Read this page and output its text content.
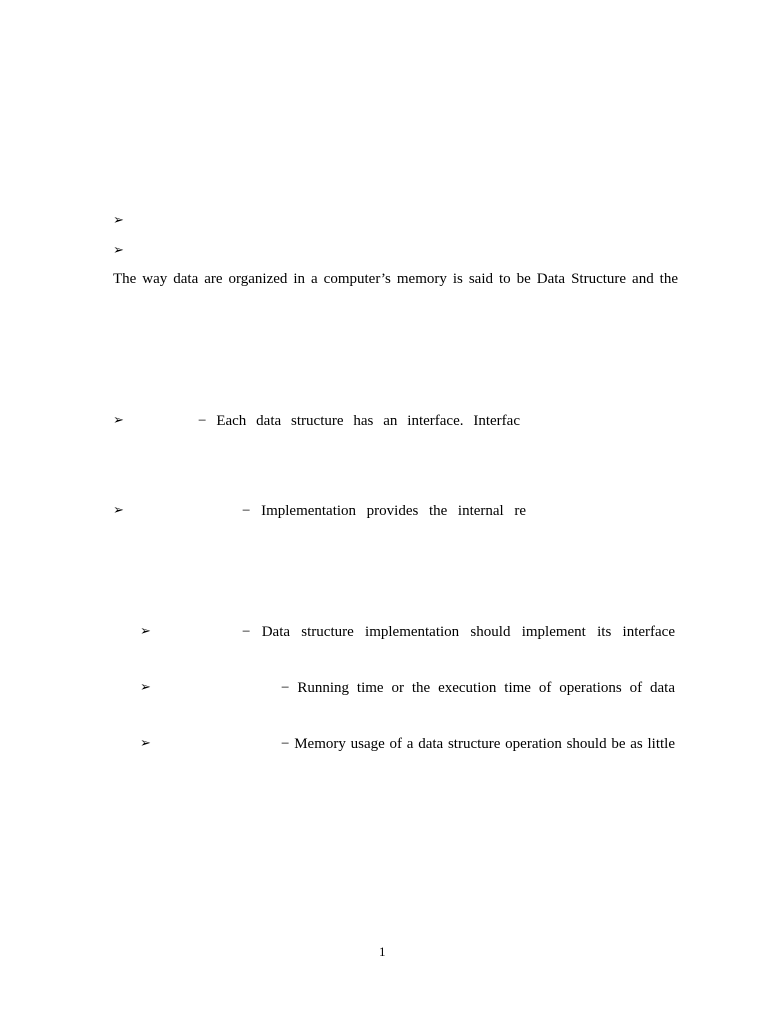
➢
➢
The way data are organized in a computer’s memory is said to be Data Structure and the
➢	− Each data structure has an interface. Interfac
➢	− Implementation provides the internal re
➢	− Data structure implementation should implement its interface
➢	− Running time or the execution time of operations of data
➢	− Memory usage of a data structure operation should be as little
1
